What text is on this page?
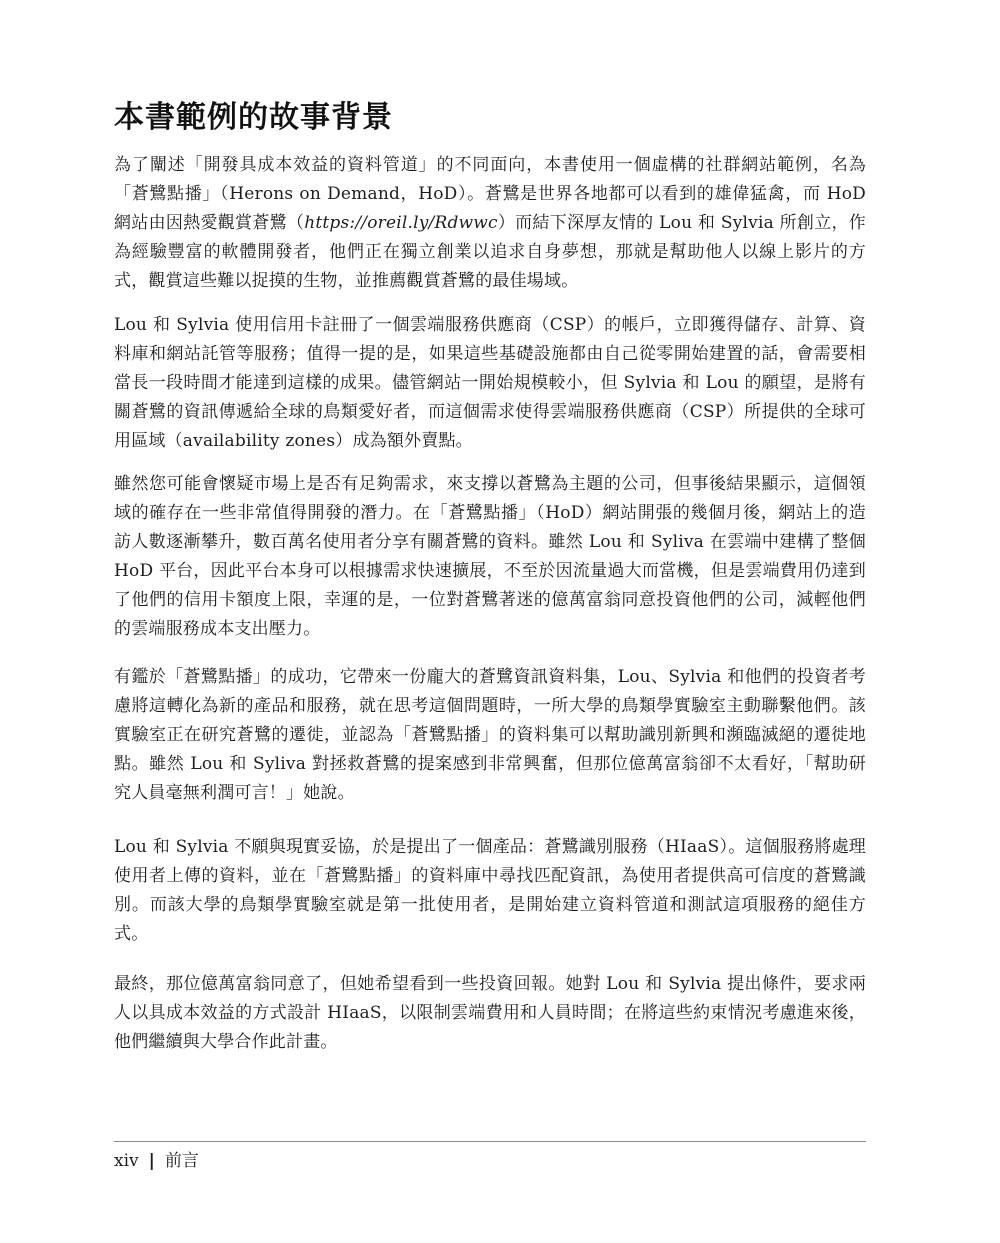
本書範例的故事背景

為了闡述「開發具成本效益的資料管道」的不同面向，本書使用一個虛構的社群網站範例，名為「蒼鷺點播」（Herons on Demand，HoD）。蒼鷺是世界各地都可以看到的雄偉猛禽，而 HoD 網站由因熱愛觀賞蒼鷺（https://oreil.ly/Rdwwc）而結下深厚友情的 Lou 和 Sylvia 所創立，作為經驗豐富的軟體開發者，他們正在獨立創業以追求自身夢想，那就是幫助他人以線上影片的方式，觀賞這些難以捉摸的生物，並推薦觀賞蒼鷺的最佳場域。

Lou 和 Sylvia 使用信用卡註冊了一個雲端服務供應商（CSP）的帳戶，立即獲得儲存、計算、資料庫和網站託管等服務；值得一提的是，如果這些基礎設施都由自己從零開始建置的話，會需要相當長一段時間才能達到這樣的成果。儘管網站一開始規模較小，但 Sylvia 和 Lou 的願望，是將有關蒼鷺的資訊傳遞給全球的鳥類愛好者，而這個需求使得雲端服務供應商（CSP）所提供的全球可用區域（availability zones）成為額外賣點。

雖然您可能會懷疑市場上是否有足夠需求，來支撐以蒼鷺為主題的公司，但事後結果顯示，這個領域的確存在一些非常值得開發的潛力。在「蒼鷺點播」（HoD）網站開張的幾個月後，網站上的造訪人數逐漸攀升，數百萬名使用者分享有關蒼鷺的資料。雖然 Lou 和 Syliva 在雲端中建構了整個 HoD 平台，因此平台本身可以根據需求快速擴展，不至於因流量過大而當機，但是雲端費用仍達到了他們的信用卡額度上限，幸運的是，一位對蒼鷺著迷的億萬富翁同意投資他們的公司，減輕他們的雲端服務成本支出壓力。

有鑑於「蒼鷺點播」的成功，它帶來一份龐大的蒼鷺資訊資料集，Lou、Sylvia 和他們的投資者考慮將這轉化為新的產品和服務，就在思考這個問題時，一所大學的鳥類學實驗室主動聯繫他們。該實驗室正在研究蒼鷺的遷徙，並認為「蒼鷺點播」的資料集可以幫助識別新興和瀕臨滅絕的遷徙地點。雖然 Lou 和 Syliva 對拯救蒼鷺的提案感到非常興奮，但那位億萬富翁卻不太看好，「幫助研究人員毫無利潤可言！」她說。

Lou 和 Sylvia 不願與現實妥協，於是提出了一個產品：蒼鷺識別服務（HIaaS）。這個服務將處理使用者上傳的資料，並在「蒼鷺點播」的資料庫中尋找匹配資訊，為使用者提供高可信度的蒼鷺識別。而該大學的鳥類學實驗室就是第一批使用者，是開始建立資料管道和測試這項服務的絕佳方式。

最終，那位億萬富翁同意了，但她希望看到一些投資回報。她對 Lou 和 Sylvia 提出條件，要求兩人以具成本效益的方式設計 HIaaS，以限制雲端費用和人員時間；在將這些約束情況考慮進來後，他們繼續與大學合作此計畫。

xiv | 前言
